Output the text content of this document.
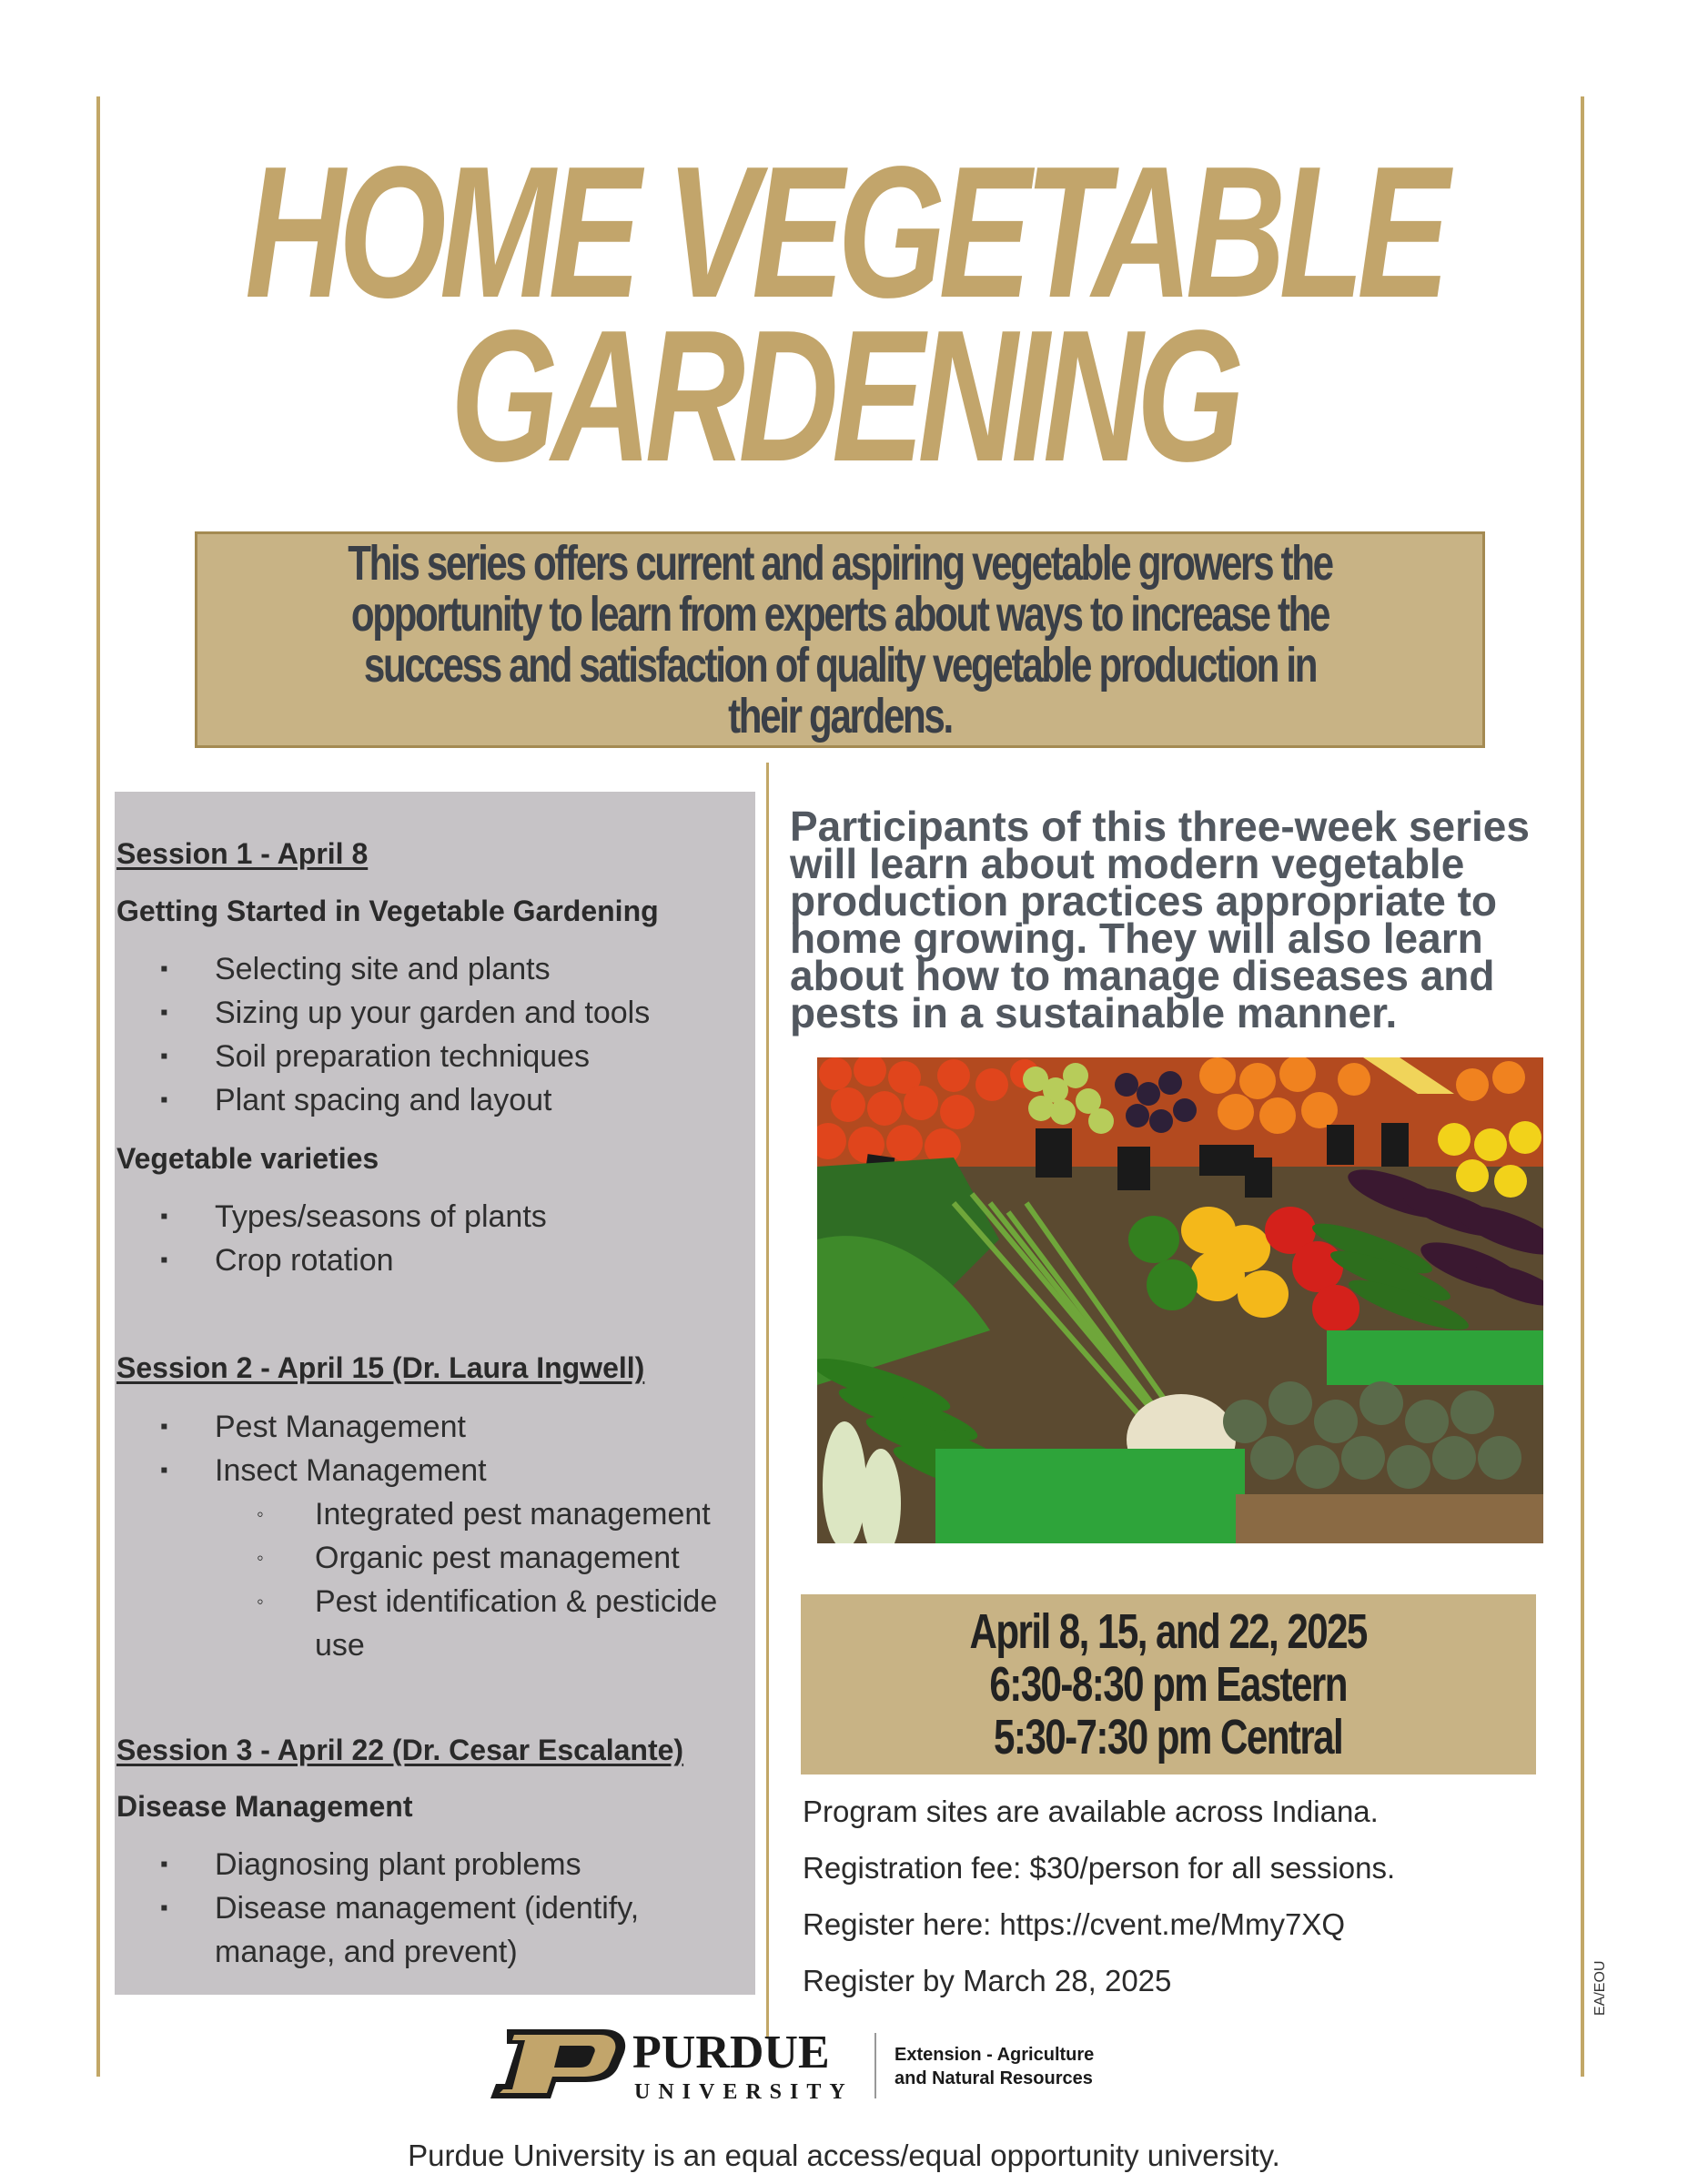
HOME VEGETABLE
GARDENING
This series offers current and aspiring vegetable growers the opportunity to learn from experts about ways to increase the success and satisfaction of quality vegetable production in their gardens.
Session 1 - April 8
Getting Started in Vegetable Gardening
▪ Selecting site and plants
▪ Sizing up your garden and tools
▪ Soil preparation techniques
▪ Plant spacing and layout
Vegetable varieties
▪ Types/seasons of plants
▪ Crop rotation
Session 2 - April 15 (Dr. Laura Ingwell)
▪ Pest Management
▪ Insect Management
◦ Integrated pest management
◦ Organic pest management
◦ Pest identification & pesticide
use
Session 3 - April 22 (Dr. Cesar Escalante)
Disease Management
▪ Diagnosing plant problems
▪ Disease management (identify,
manage, and prevent)
Participants of this three-week series will learn about modern vegetable production practices appropriate to home growing. They will also learn about how to manage diseases and pests in a sustainable manner.
April 8, 15, and 22, 2025
6:30-8:30 pm Eastern
5:30-7:30 pm Central
Program sites are available across Indiana.
Registration fee: $30/person for all sessions.
Register here: https://cvent.me/Mmy7XQ
Register by March 28, 2025
PURDUE
UNIVERSITY
Extension - Agriculture
and Natural Resources
EA/EOU
Purdue University is an equal access/equal opportunity university.
